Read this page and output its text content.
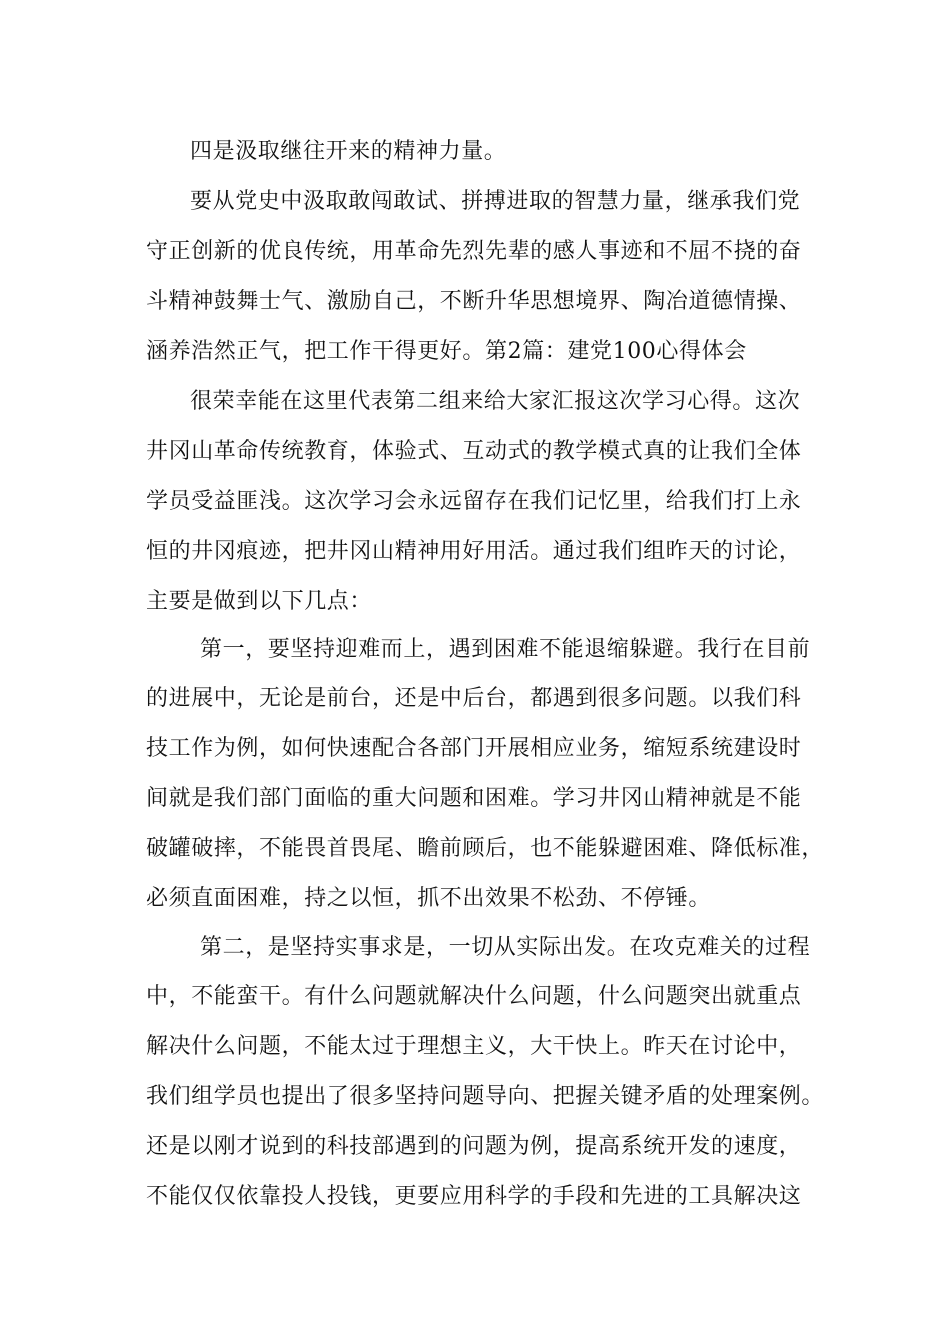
四是汲取继往开来的精神力量。
要从党史中汲取敢闯敢试、拼搏进取的智慧力量，继承我们党
守正创新的优良传统，用革命先烈先辈的感人事迹和不屈不挠的奋
斗精神鼓舞士气、激励自己，不断升华思想境界、陶冶道德情操、
涵养浩然正气，把工作干得更好。第2篇：建党100心得体会
很荣幸能在这里代表第二组来给大家汇报这次学习心得。这次
井冈山革命传统教育，体验式、互动式的教学模式真的让我们全体
学员受益匪浅。这次学习会永远留存在我们记忆里，给我们打上永
恒的井冈痕迹，把井冈山精神用好用活。通过我们组昨天的讨论，
主要是做到以下几点：
第一，要坚持迎难而上，遇到困难不能退缩躲避。我行在目前
的进展中，无论是前台，还是中后台，都遇到很多问题。以我们科
技工作为例，如何快速配合各部门开展相应业务，缩短系统建设时
间就是我们部门面临的重大问题和困难。学习井冈山精神就是不能
破罐破摔，不能畏首畏尾、瞻前顾后，也不能躲避困难、降低标准，
必须直面困难，持之以恒，抓不出效果不松劲、不停锤。
第二，是坚持实事求是，一切从实际出发。在攻克难关的过程
中，不能蛮干。有什么问题就解决什么问题，什么问题突出就重点
解决什么问题，不能太过于理想主义，大干快上。昨天在讨论中，
我们组学员也提出了很多坚持问题导向、把握关键矛盾的处理案例。
还是以刚才说到的科技部遇到的问题为例，提高系统开发的速度，
不能仅仅依靠投人投钱，更要应用科学的手段和先进的工具解决这
